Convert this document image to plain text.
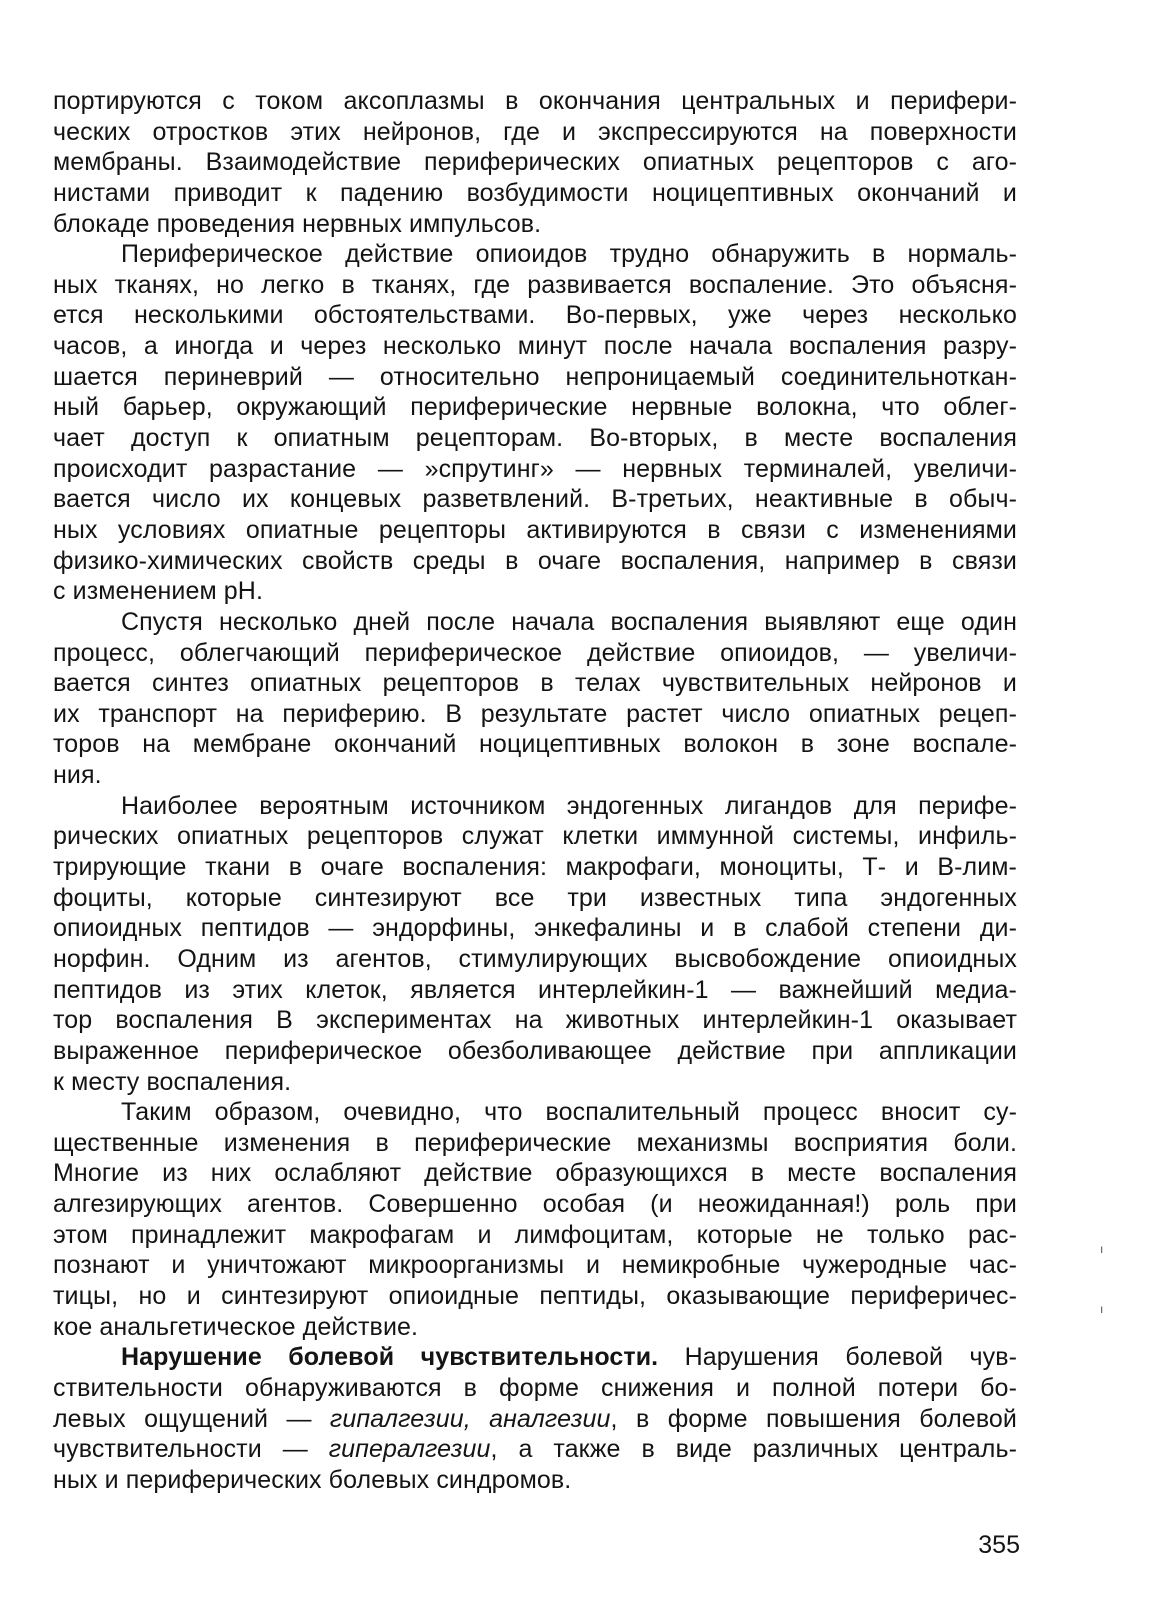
портируются с током аксоплазмы в окончания центральных и перифери-
ческих отростков этих нейронов, где и экспрессируются на поверхности
мембраны. Взаимодействие периферических опиатных рецепторов с аго-
нистами приводит к падению возбудимости ноцицептивных окончаний и
блокаде проведения нервных импульсов.
Периферическое действие опиоидов трудно обнаружить в нормаль-
ных тканях, но легко в тканях, где развивается воспаление. Это объясня-
ется несколькими обстоятельствами. Во-первых, уже через несколько
часов, а иногда и через несколько минут после начала воспаления разру-
шается периневрий — относительно непроницаемый соединительноткан-
ный барьер, окружающий периферические нервные волокна, что облег-
чает доступ к опиатным рецепторам. Во-вторых, в месте воспаления
происходит разрастание — »спрутинг» — нервных терминалей, увеличи-
вается число их концевых разветвлений. В-третьих, неактивные в обыч-
ных условиях опиатные рецепторы активируются в связи с изменениями
физико-химических свойств среды в очаге воспаления, например в связи
с изменением pH.
Спустя несколько дней после начала воспаления выявляют еще один
процесс, облегчающий периферическое действие опиоидов, — увеличи-
вается синтез опиатных рецепторов в телах чувствительных нейронов и
их транспорт на периферию. В результате растет число опиатных рецеп-
торов на мембране окончаний ноцицептивных волокон в зоне воспале-
ния.
Наиболее вероятным источником эндогенных лигандов для перифе-
рических опиатных рецепторов служат клетки иммунной системы, инфиль-
трирующие ткани в очаге воспаления: макрофаги, моноциты, Т- и В-лим-
фоциты, которые синтезируют все три известных типа эндогенных
опиоидных пептидов — эндорфины, энкефалины и в слабой степени ди-
норфин. Одним из агентов, стимулирующих высвобождение опиоидных
пептидов из этих клеток, является интерлейкин-1 — важнейший медиа-
тор воспаления В экспериментах на животных интерлейкин-1 оказывает
выраженное периферическое обезболивающее действие при аппликации
к месту воспаления.
Таким образом, очевидно, что воспалительный процесс вносит су-
щественные изменения в периферические механизмы восприятия боли.
Многие из них ослабляют действие образующихся в месте воспаления
алгезирующих агентов. Совершенно особая (и неожиданная!) роль при
этом принадлежит макрофагам и лимфоцитам, которые не только рас-
познают и уничтожают микроорганизмы и немикробные чужеродные час-
тицы, но и синтезируют опиоидные пептиды, оказывающие периферичес-
кое анальгетическое действие.
Нарушение болевой чувствительности. Нарушения болевой чув-
ствительности обнаруживаются в форме снижения и полной потери бо-
левых ощущений — гипалгезии, аналгезии, в форме повышения болевой
чувствительности — гипералгезии, а также в виде различных централь-
ных и периферических болевых синдромов.
355
ı
ı
